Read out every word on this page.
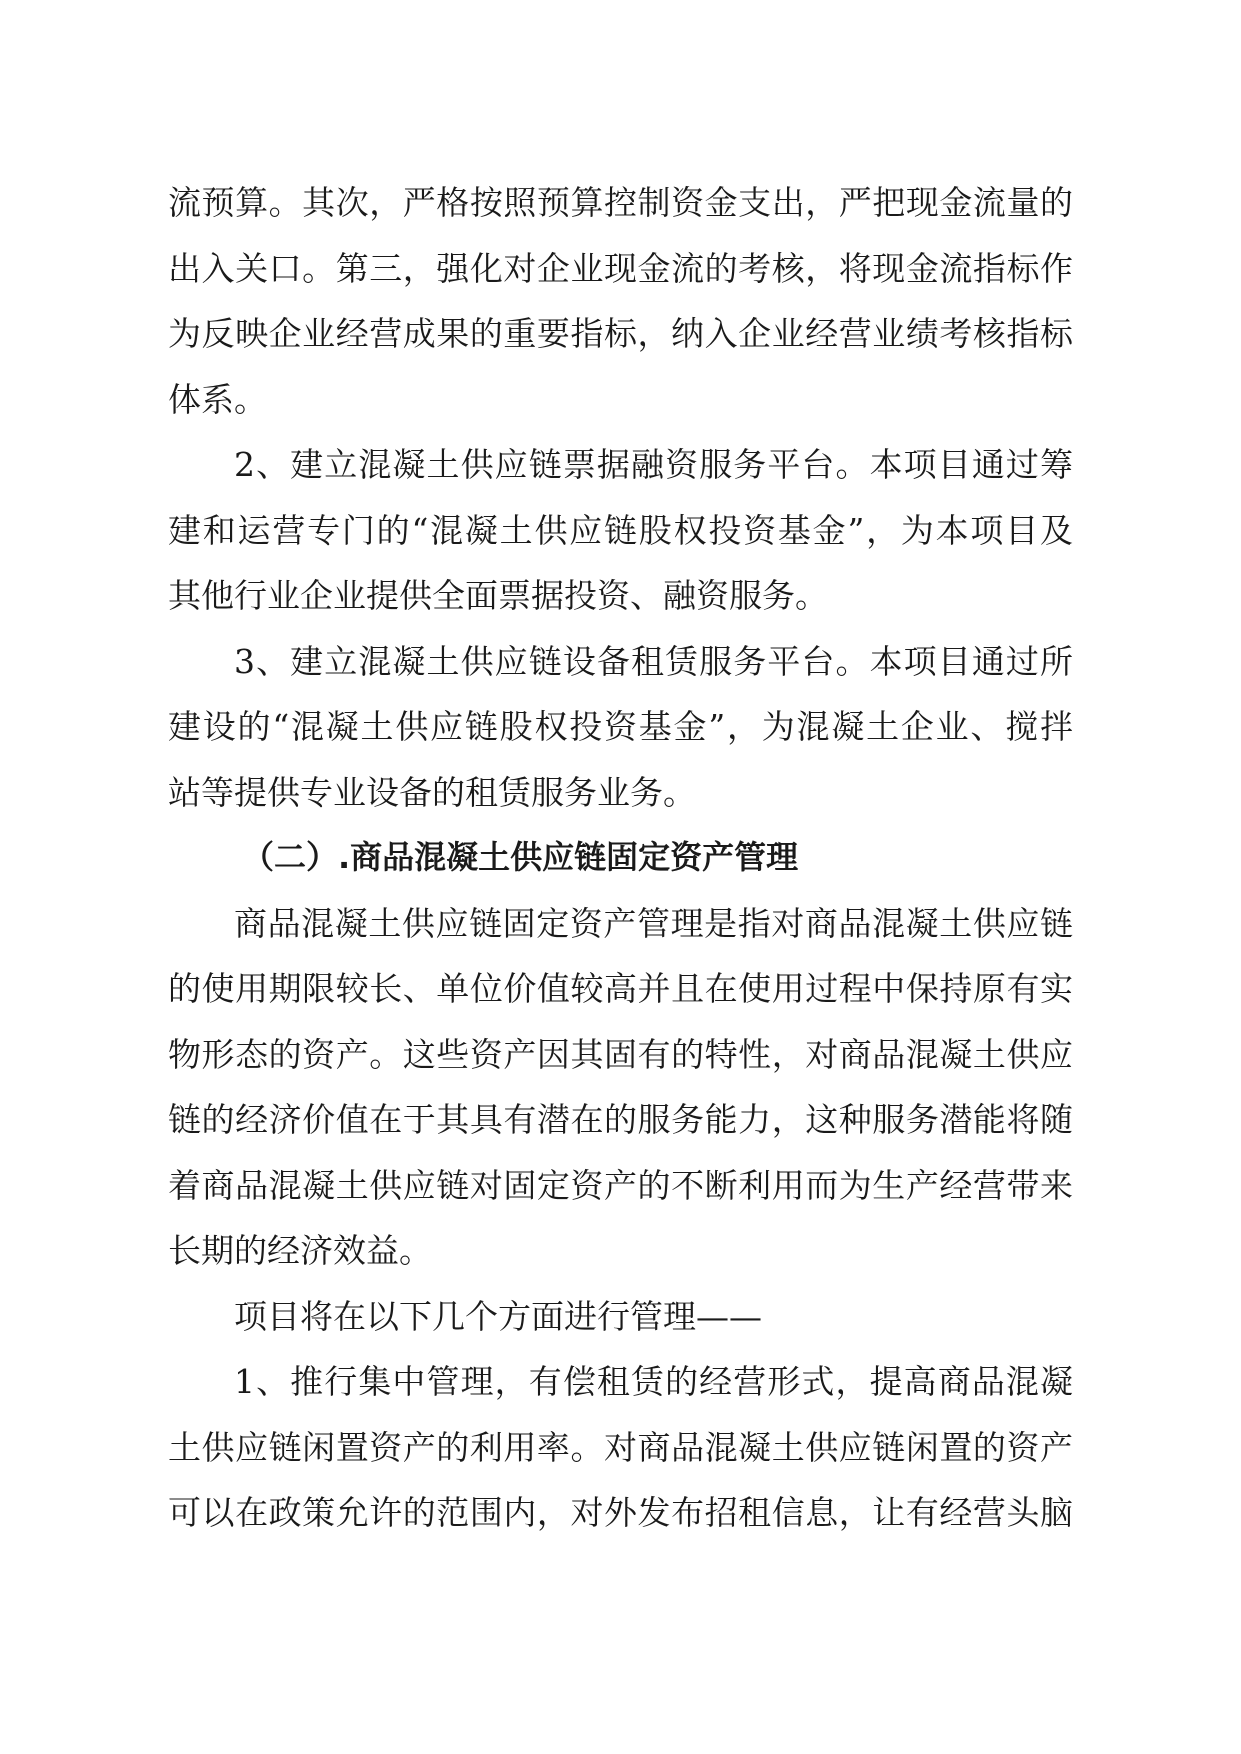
流预算。其次，严格按照预算控制资金支出，严把现金流量的
出入关口。第三，强化对企业现金流的考核，将现金流指标作
为反映企业经营成果的重要指标，纳入企业经营业绩考核指标
体系。

2、建立混凝土供应链票据融资服务平台。本项目通过筹
建和运营专门的“混凝土供应链股权投资基金”，为本项目及
其他行业企业提供全面票据投资、融资服务。

3、建立混凝土供应链设备租赁服务平台。本项目通过所
建设的“混凝土供应链股权投资基金”，为混凝土企业、搅拌
站等提供专业设备的租赁服务业务。

（二）.商品混凝土供应链固定资产管理

商品混凝土供应链固定资产管理是指对商品混凝土供应链
的使用期限较长、单位价值较高并且在使用过程中保持原有实
物形态的资产。这些资产因其固有的特性，对商品混凝土供应
链的经济价值在于其具有潜在的服务能力，这种服务潜能将随
着商品混凝土供应链对固定资产的不断利用而为生产经营带来
长期的经济效益。

项目将在以下几个方面进行管理——

1、推行集中管理，有偿租赁的经营形式，提高商品混凝
土供应链闲置资产的利用率。对商品混凝土供应链闲置的资产
可以在政策允许的范围内，对外发布招租信息，让有经营头脑
